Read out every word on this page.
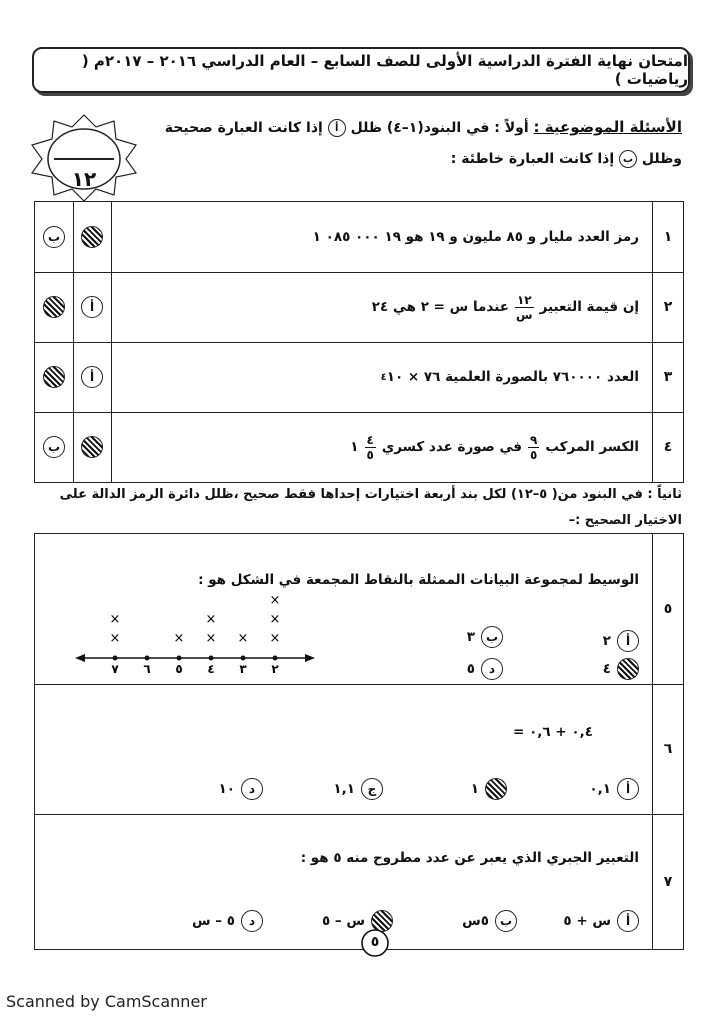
امتحان نهاية الفترة الدراسية الأولى للصف السابع – العام الدراسي ٢٠١٦ – ٢٠١٧م ( رياضيات )
١٢
الأسئلة الموضوعية : أولاً : في البنود(١–٤) ظلل أ إذا كانت العبارة صحيحة
وظلل ب إذا كانت العبارة خاطئة :
١
رمز العدد مليار و ٨٥ مليون و ١٩ هو ١٩ ٠٠٠ ٠٨٥ ١
ب
٢
إن قيمة التعبير
$\frac{١٢}{\text{س}}$
عندما س = ٢ هي ٢٤
أ
٣
العدد ٧٦٠٠٠٠ بالصورة العلمية ٧٦ × ١٠
٤
أ
٤
الكسر المركب
$\frac{٩}{٥}$
في صورة عدد كسري
$\frac{٤}{٥}$
١
ب
ثانياً : في البنود من( ٥–١٢) لكل بند أربعة اختيارات إحداها فقط صحيح ،ظلل دائرة الرمز الدالة على الاختيار الصحيح :–
٥
الوسيط لمجموعة البيانات الممثلة بالنقاط المجمعة في الشكل هو :
٢
×
×
×
٣
×
٤
×
×
٥
×
٦
٧
×
×
أ
٢
ب
٣
٤
د
٥
٦
٠,٤ + ٠,٦ =
أ
٠,١
١
ج
١,١
د
١٠
٧
التعبير الجبري الذي يعبر عن عدد مطروح منه ٥ هو :
أ
س + ٥
ب
٥س
س – ٥
د
٥ – س
٥
Scanned by CamScanner
